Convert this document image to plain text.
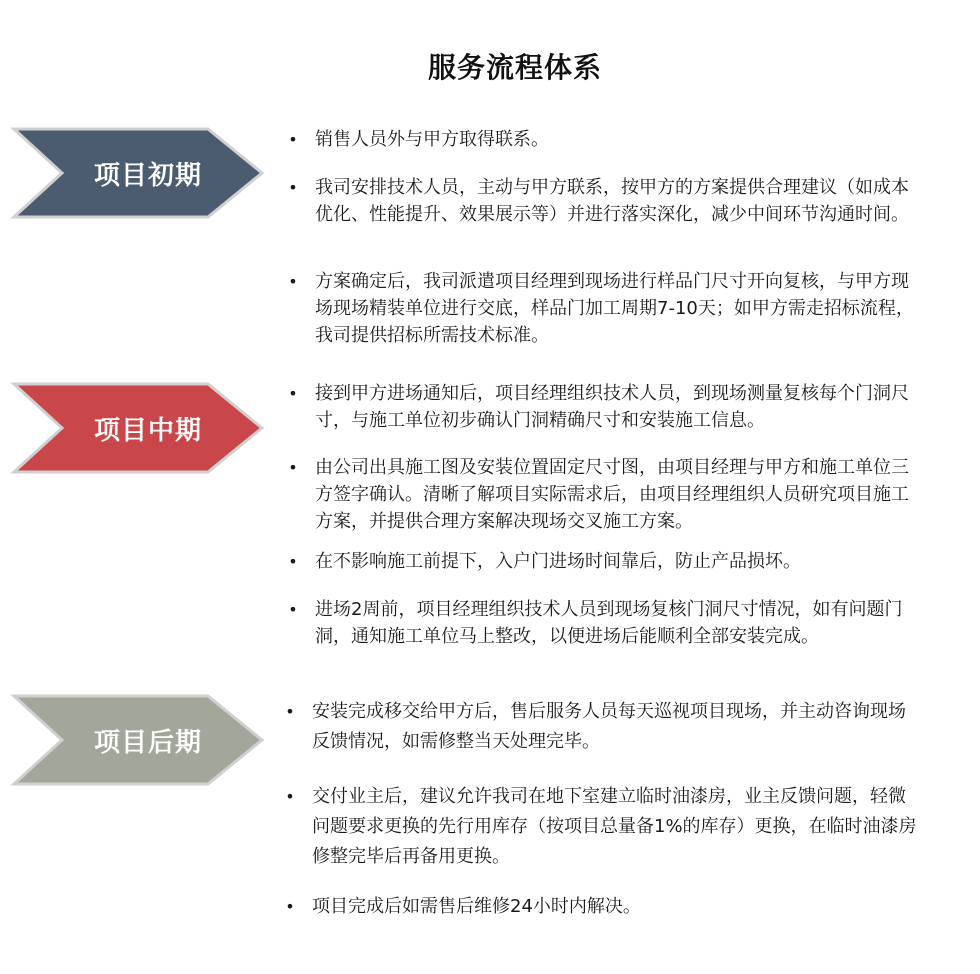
服务流程体系
项目初期
项目中期
项目后期
• 销售人员外与甲方取得联系。
• 我司安排技术人员，主动与甲方联系，按甲方的方案提供合理建议（如成本优化、性能提升、效果展示等）并进行落实深化，减少中间环节沟通时间。
• 方案确定后，我司派遣项目经理到现场进行样品门尺寸开向复核，与甲方现场现场精装单位进行交底，样品门加工周期7-10天；如甲方需走招标流程，我司提供招标所需技术标准。
• 接到甲方进场通知后，项目经理组织技术人员，到现场测量复核每个门洞尺寸，与施工单位初步确认门洞精确尺寸和安装施工信息。
• 由公司出具施工图及安装位置固定尺寸图，由项目经理与甲方和施工单位三方签字确认。清晰了解项目实际需求后，由项目经理组织人员研究项目施工方案，并提供合理方案解决现场交叉施工方案。
• 在不影响施工前提下，入户门进场时间靠后，防止产品损坏。
• 进场2周前，项目经理组织技术人员到现场复核门洞尺寸情况，如有问题门洞，通知施工单位马上整改，以便进场后能顺利全部安装完成。
• 安装完成移交给甲方后，售后服务人员每天巡视项目现场，并主动咨询现场反馈情况，如需修整当天处理完毕。
• 交付业主后，建议允许我司在地下室建立临时油漆房，业主反馈问题，轻微问题要求更换的先行用库存（按项目总量备1%的库存）更换，在临时油漆房修整完毕后再备用更换。
• 项目完成后如需售后维修24小时内解决。
